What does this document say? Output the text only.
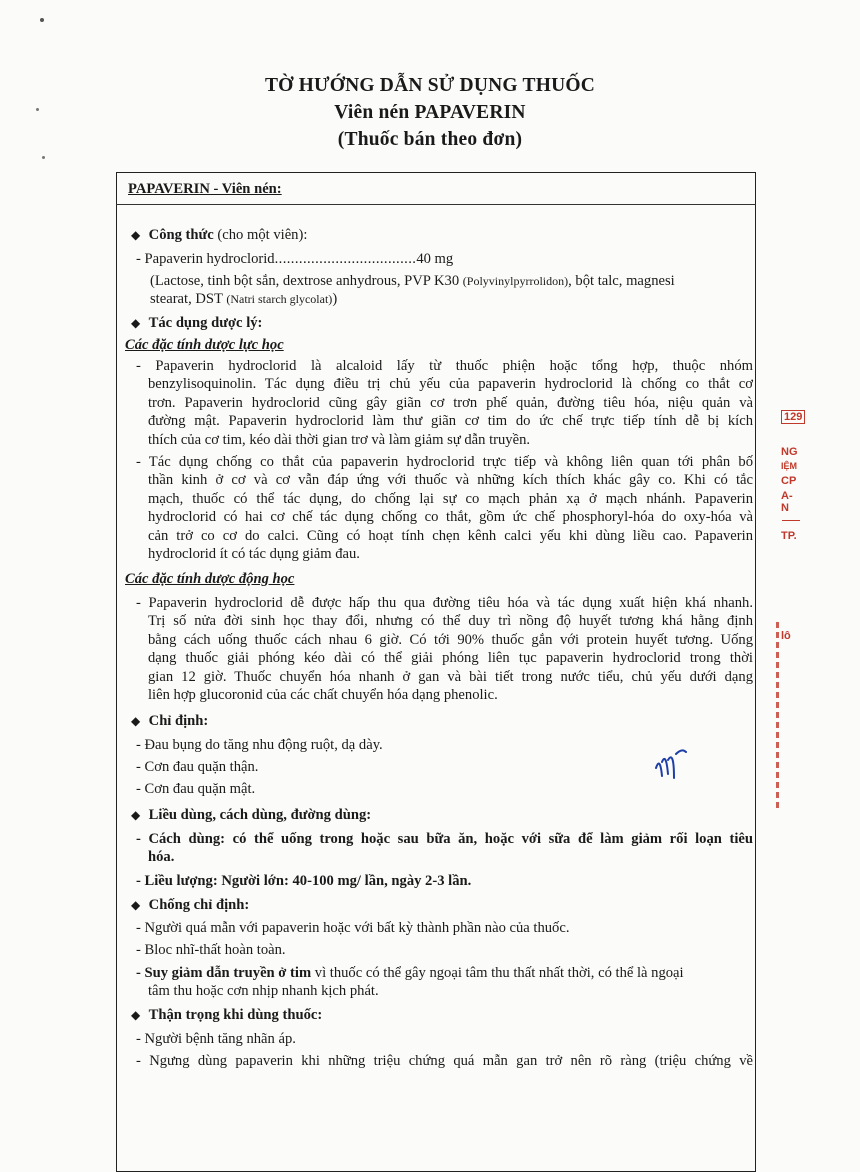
TỜ HƯỚNG DẪN SỬ DỤNG THUỐC
Viên nén PAPAVERIN
(Thuốc bán theo đơn)
PAPAVERIN - Viên nén:
◆ Công thức (cho một viên):
- Papaverin hydroclorid...................................40 mg
(Lactose, tinh bột sắn, dextrose anhydrous, PVP K30 (Polyvinylpyrrolidon), bột talc, magnesi
stearat, DST (Natri starch glycolat))
◆ Tác dụng dược lý:
Các đặc tính dược lực học
- Papaverin hydroclorid là alcaloid lấy từ thuốc phiện hoặc tổng hợp, thuộc nhóm
benzylisoquinolin. Tác dụng điều trị chủ yếu của papaverin hydroclorid là chống co thắt cơ
trơn. Papaverin hydroclorid cũng gây giãn cơ trơn phế quản, đường tiêu hóa, niệu quản và
đường mật. Papaverin hydroclorid làm thư giãn cơ tim do ức chế trực tiếp tính dễ bị kích
thích của cơ tim, kéo dài thời gian trơ và làm giảm sự dẫn truyền.
- Tác dụng chống co thắt của papaverin hydroclorid trực tiếp và không liên quan tới phân bố
thần kinh ở cơ và cơ vẫn đáp ứng với thuốc và những kích thích khác gây co. Khi có tắc
mạch, thuốc có thể tác dụng, do chống lại sự co mạch phản xạ ở mạch nhánh. Papaverin
hydroclorid có hai cơ chế tác dụng chống co thắt, gồm ức chế phosphoryl-hóa do oxy-hóa và
cản trở co cơ do calci. Cũng có hoạt tính chẹn kênh calci yếu khi dùng liều cao. Papaverin
hydroclorid ít có tác dụng giảm đau.
Các đặc tính dược động học
- Papaverin hydroclorid dễ được hấp thu qua đường tiêu hóa và tác dụng xuất hiện khá nhanh.
Trị số nửa đời sinh học thay đổi, nhưng có thể duy trì nồng độ huyết tương khá hằng định
bằng cách uống thuốc cách nhau 6 giờ. Có tới 90% thuốc gắn với protein huyết tương. Uống
dạng thuốc giải phóng kéo dài có thể giải phóng liên tục papaverin hydroclorid trong thời
gian 12 giờ. Thuốc chuyển hóa nhanh ở gan và bài tiết trong nước tiểu, chủ yếu dưới dạng
liên hợp glucoronid của các chất chuyển hóa dạng phenolic.
◆ Chỉ định:
- Đau bụng do tăng nhu động ruột, dạ dày.
- Cơn đau quặn thận.
- Cơn đau quặn mật.
◆ Liều dùng, cách dùng, đường dùng:
- Cách dùng: có thể uống trong hoặc sau bữa ăn, hoặc với sữa để làm giảm rối loạn tiêu
hóa.
- Liều lượng: Người lớn: 40-100 mg/ lần, ngày 2-3 lần.
◆ Chống chỉ định:
- Người quá mẫn với papaverin hoặc với bất kỳ thành phần nào của thuốc.
- Bloc nhĩ-thất hoàn toàn.
- Suy giảm dẫn truyền ở tim vì thuốc có thể gây ngoại tâm thu thất nhất thời, có thể là ngoại
tâm thu hoặc cơn nhịp nhanh kịch phát.
◆ Thận trọng khi dùng thuốc:
- Người bệnh tăng nhãn áp.
- Ngưng dùng papaverin khi những triệu chứng quá mẫn gan trở nên rõ ràng (triệu chứng về
129
NG
IỆM
CP
A-N
TP.
lô
